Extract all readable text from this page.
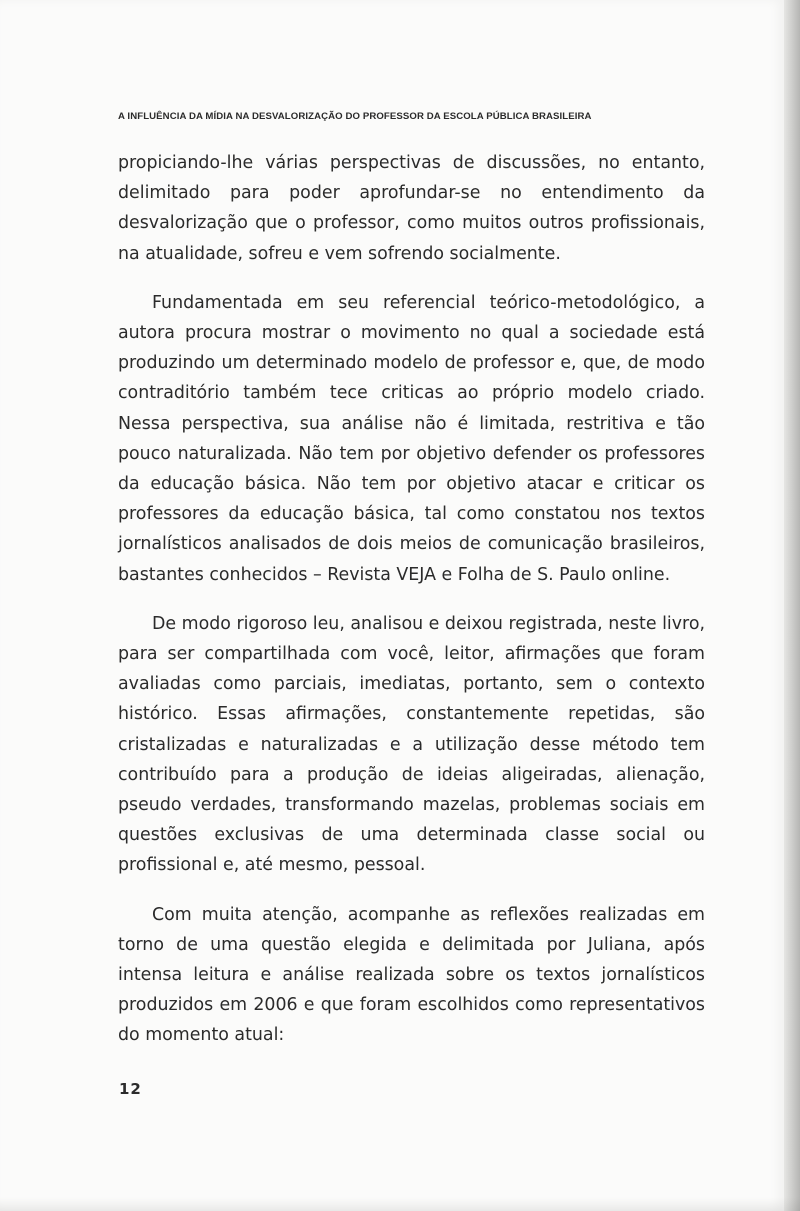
A INFLUÊNCIA DA MÍDIA NA DESVALORIZAÇÃO DO PROFESSOR DA ESCOLA PÚBLICA BRASILEIRA

propiciando-lhe várias perspectivas de discussões, no entanto, delimitado para poder aprofundar-se no entendimento da desvalorização que o professor, como muitos outros profissionais, na atualidade, sofreu e vem sofrendo socialmente.

Fundamentada em seu referencial teórico-metodológico, a autora procura mostrar o movimento no qual a sociedade está produzindo um determinado modelo de professor e, que, de modo contraditório também tece criticas ao próprio modelo criado. Nessa perspectiva, sua análise não é limitada, restritiva e tão pouco naturalizada. Não tem por objetivo defender os professores da educação básica. Não tem por objetivo atacar e criticar os professores da educação básica, tal como constatou nos textos jornalísticos analisados de dois meios de comunicação brasileiros, bastantes conhecidos – Revista VEJA e Folha de S. Paulo online.

De modo rigoroso leu, analisou e deixou registrada, neste livro, para ser compartilhada com você, leitor, afirmações que foram avaliadas como parciais, imediatas, portanto, sem o contexto histórico. Essas afirmações, constantemente repetidas, são cristalizadas e naturalizadas e a utilização desse método tem contribuído para a produção de ideias aligeiradas, alienação, pseudo verdades, transformando mazelas, problemas sociais em questões exclusivas de uma determinada classe social ou profissional e, até mesmo, pessoal.

Com muita atenção, acompanhe as reflexões realizadas em torno de uma questão elegida e delimitada por Juliana, após intensa leitura e análise realizada sobre os textos jornalísticos produzidos em 2006 e que foram escolhidos como representativos do momento atual:

12
